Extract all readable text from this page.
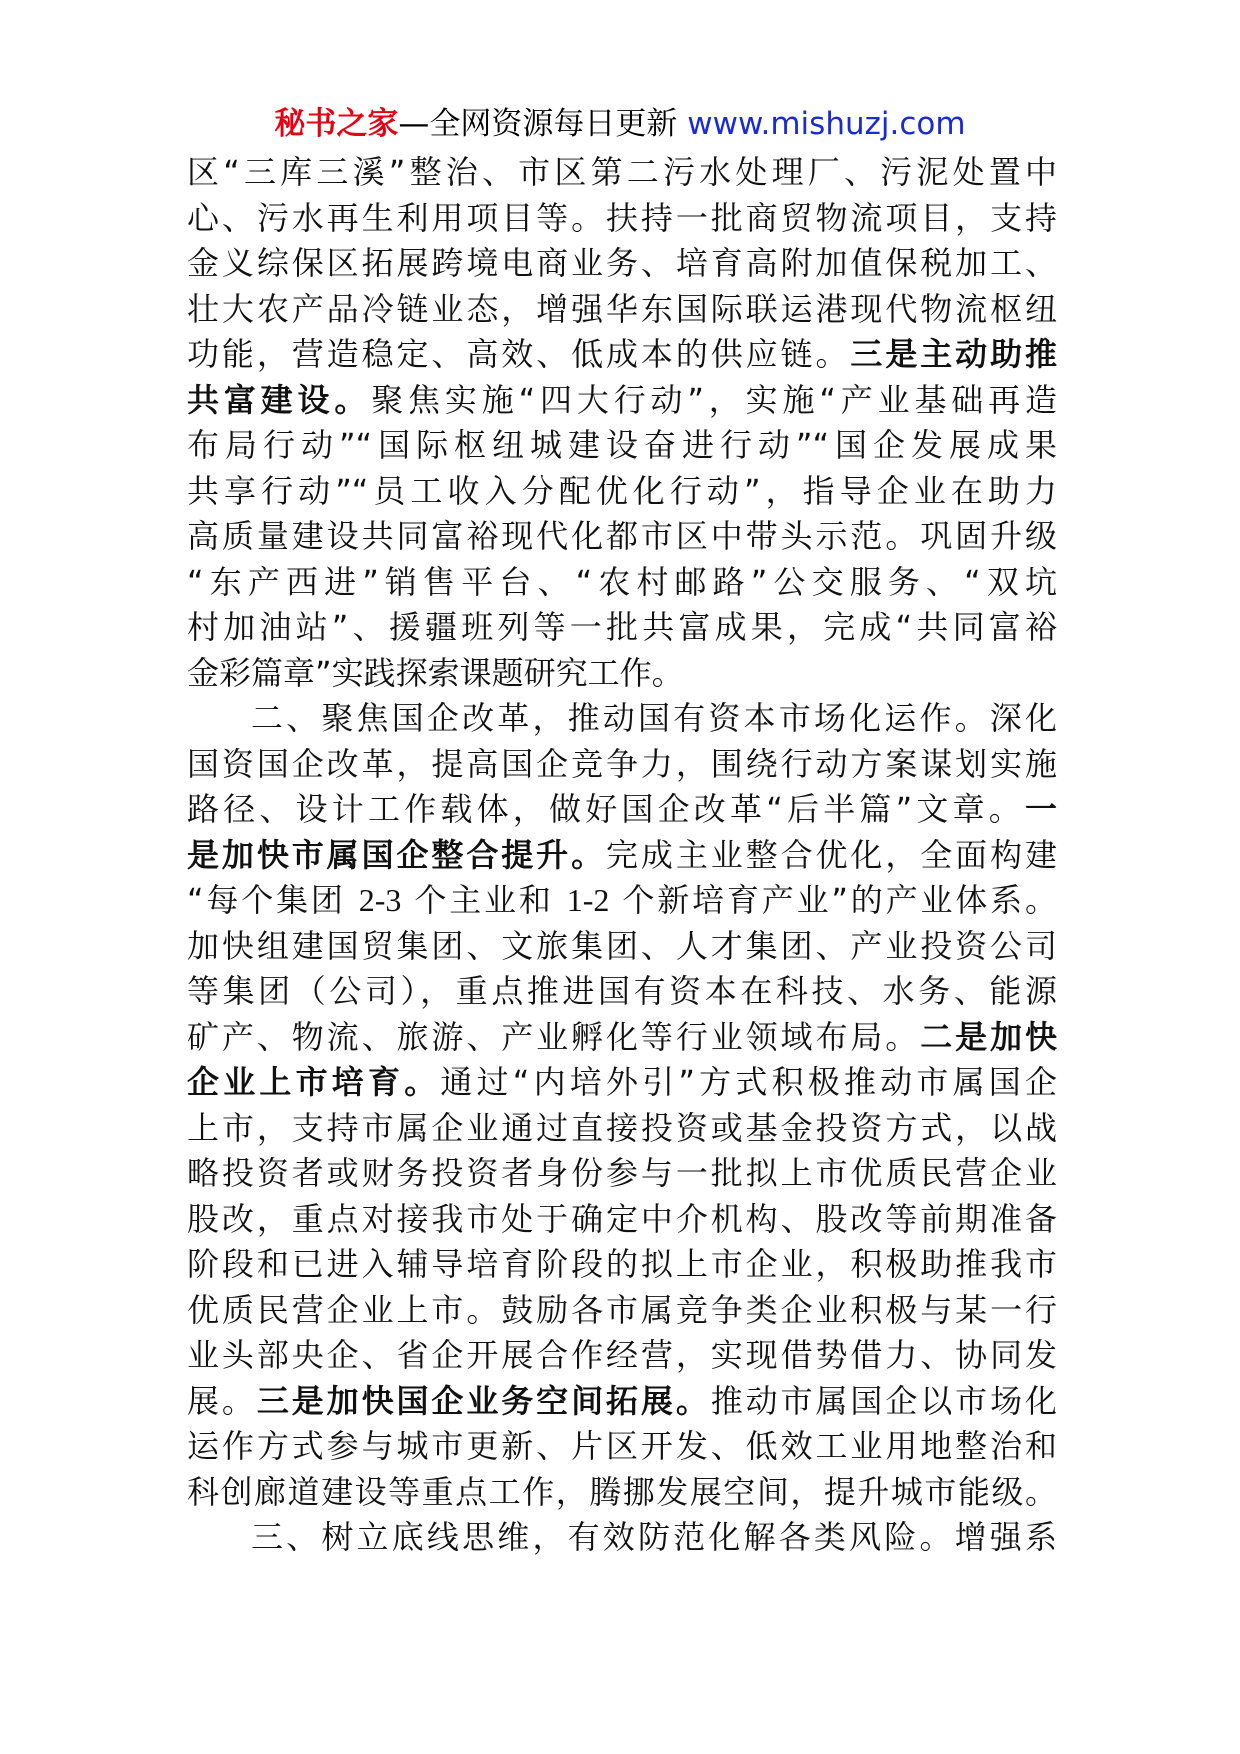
秘书之家—全网资源每日更新 www.mishuzj.com
区“三库三溪”整治、市区第二污水处理厂、污泥处置中
心、污水再生利用项目等。扶持一批商贸物流项目，支持
金义综保区拓展跨境电商业务、培育高附加值保税加工、
壮大农产品冷链业态，增强华东国际联运港现代物流枢纽
功能，营造稳定、高效、低成本的供应链。三是主动助推
共富建设。聚焦实施“四大行动”，实施“产业基础再造
布局行动”“国际枢纽城建设奋进行动”“国企发展成果
共享行动”“员工收入分配优化行动”，指导企业在助力
高质量建设共同富裕现代化都市区中带头示范。巩固升级
“东产西进”销售平台、“农村邮路”公交服务、“双坑
村加油站”、援疆班列等一批共富成果，完成“共同富裕
金彩篇章”实践探索课题研究工作。
二、聚焦国企改革，推动国有资本市场化运作。深化
国资国企改革，提高国企竞争力，围绕行动方案谋划实施
路径、设计工作载体，做好国企改革“后半篇”文章。一
是加快市属国企整合提升。完成主业整合优化，全面构建
“每个集团 2-3 个主业和 1-2 个新培育产业”的产业体系。
加快组建国贸集团、文旅集团、人才集团、产业投资公司
等集团（公司），重点推进国有资本在科技、水务、能源
矿产、物流、旅游、产业孵化等行业领域布局。二是加快
企业上市培育。通过“内培外引”方式积极推动市属国企
上市，支持市属企业通过直接投资或基金投资方式，以战
略投资者或财务投资者身份参与一批拟上市优质民营企业
股改，重点对接我市处于确定中介机构、股改等前期准备
阶段和已进入辅导培育阶段的拟上市企业，积极助推我市
优质民营企业上市。鼓励各市属竞争类企业积极与某一行
业头部央企、省企开展合作经营，实现借势借力、协同发
展。三是加快国企业务空间拓展。推动市属国企以市场化
运作方式参与城市更新、片区开发、低效工业用地整治和
科创廊道建设等重点工作，腾挪发展空间，提升城市能级。
三、树立底线思维，有效防范化解各类风险。增强系
